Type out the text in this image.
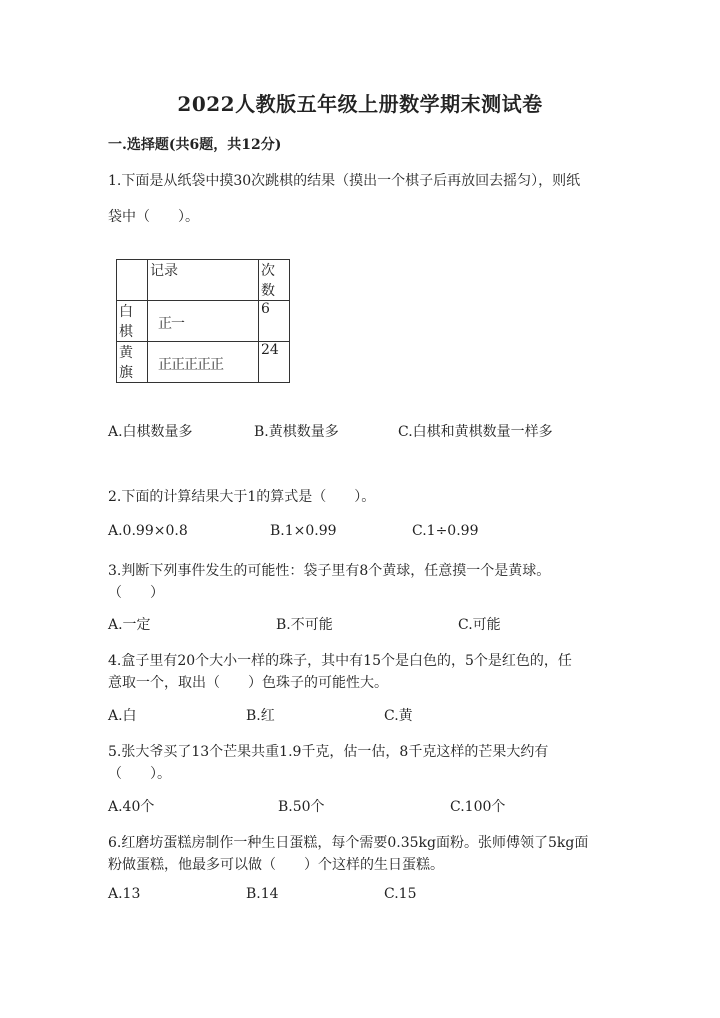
2022人教版五年级上册数学期末测试卷
一.选择题(共6题，共12分)
1.下面是从纸袋中摸30次跳棋的结果（摸出一个棋子后再放回去摇匀），则纸
袋中（　　）。
	记录	次数
白棋	正一	6
黄旗	正正正正正	24
A.白棋数量多	B.黄棋数量多	C.白棋和黄棋数量一样多
2.下面的计算结果大于1的算式是（　　）。
A.0.99×0.8	B.1×0.99	C.1÷0.99
3.判断下列事件发生的可能性：袋子里有8个黄球，任意摸一个是黄球。
（　　）
A.一定	B.不可能	C.可能
4.盒子里有20个大小一样的珠子，其中有15个是白色的，5个是红色的，任
意取一个，取出（　　）色珠子的可能性大。
A.白	B.红	C.黄
5.张大爷买了13个芒果共重1.9千克，估一估，8千克这样的芒果大约有
（　　）。
A.40个	B.50个	C.100个
6.红磨坊蛋糕房制作一种生日蛋糕，每个需要0.35kg面粉。张师傅领了5kg面
粉做蛋糕，他最多可以做（　　）个这样的生日蛋糕。
A.13	B.14	C.15
